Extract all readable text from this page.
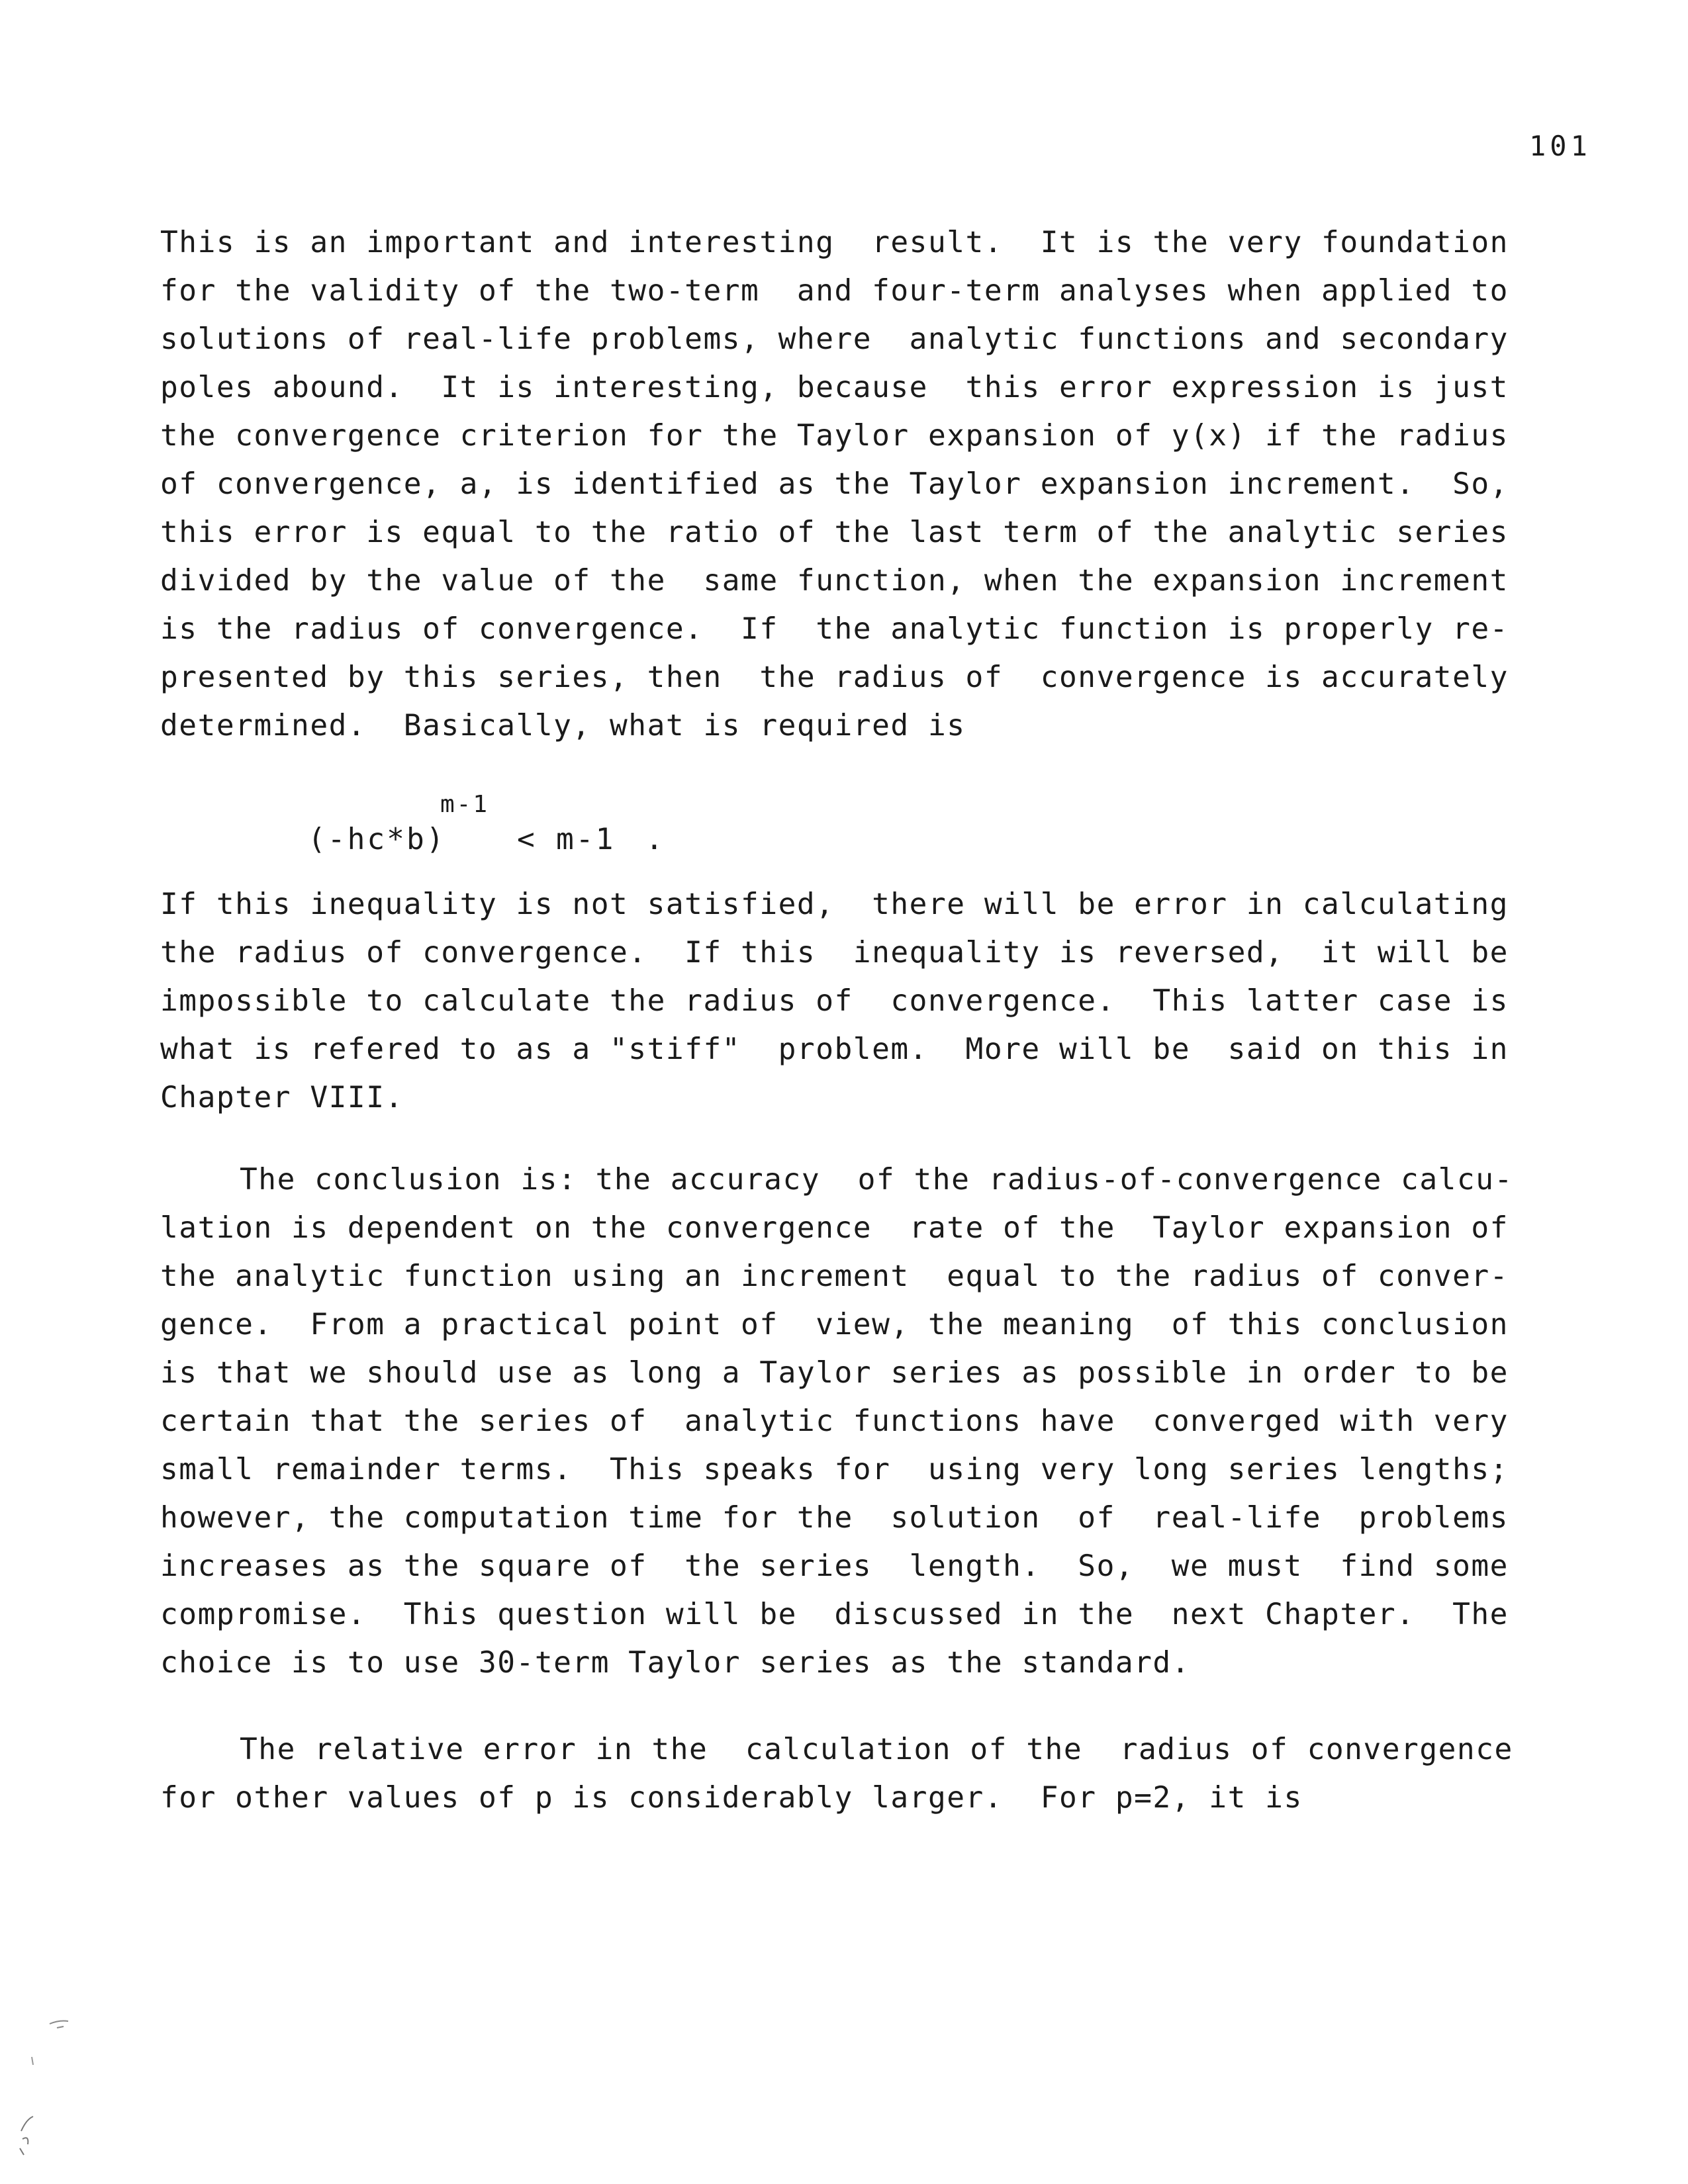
101
This is an important and interesting  result.  It is the very foundation
for the validity of the two-term  and four-term analyses when applied to
solutions of real-life problems, where  analytic functions and secondary
poles abound.  It is interesting, because  this error expression is just
the convergence criterion for the Taylor expansion of y(x) if the radius
of convergence, a, is identified as the Taylor expansion increment.  So,
this error is equal to the ratio of the last term of the analytic series
divided by the value of the  same function, when the expansion increment
is the radius of convergence.  If  the analytic function is properly re-
presented by this series, then  the radius of  convergence is accurately
determined.  Basically, what is required is
(-hc*b)
m-1
< m-1 .
If this inequality is not satisfied,  there will be error in calculating
the radius of convergence.  If this  inequality is reversed,  it will be
impossible to calculate the radius of  convergence.  This latter case is
what is refered to as a "stiff"  problem.  More will be  said on this in
Chapter VIII.
The conclusion is: the accuracy  of the radius-of-convergence calcu-
lation is dependent on the convergence  rate of the  Taylor expansion of
the analytic function using an increment  equal to the radius of conver-
gence.  From a practical point of  view, the meaning  of this conclusion
is that we should use as long a Taylor series as possible in order to be
certain that the series of  analytic functions have  converged with very
small remainder terms.  This speaks for  using very long series lengths;
however, the computation time for the  solution  of  real-life  problems
increases as the square of  the series  length.  So,  we must  find some
compromise.  This question will be  discussed in the  next Chapter.  The
choice is to use 30-term Taylor series as the standard.
The relative error in the  calculation of the  radius of convergence
for other values of p is considerably larger.  For p=2, it is
